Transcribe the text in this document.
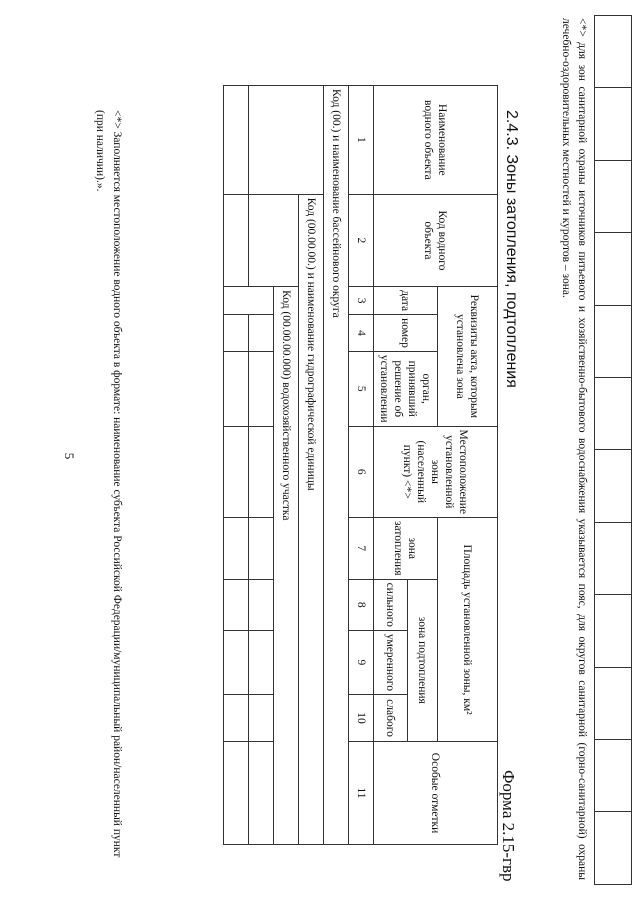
5
												<*> для зон санитарной охраны источников питьевого и хозяйственно-бытового водоснабжения указывается пояс, для округов санитарной (горно-санитарной) охраны лечебно-оздоровительных местностей и курортов – зона.
2.4.3. Зоны затопления, подтопления
Форма 2.15-гвр
Наименование водного объекта	Код водного объекта	Реквизиты акта, которым установлена зона			Местоположение установленной зоны (населенный пункт) <*>	Площадь установленной зоны, км²				Особые отметки
		дата	номер	орган, принявший решение об установлении		зона затопления	зона подтопления			
							сильного	умеренного	слабого	
1	2	3	4	5	6	7	8	9	10	11
Код (00.) и наименование бассейнового округа										
	Код (00.00.00.) и наименование гидрографической единицы									
		Код (00.00.00.000) водохозяйственного участка								

<*> Заполняется местоположение водного объекта в формате: наименование субъекта Российской Федерации/муниципальный район/населенный пункт (при наличии).».
